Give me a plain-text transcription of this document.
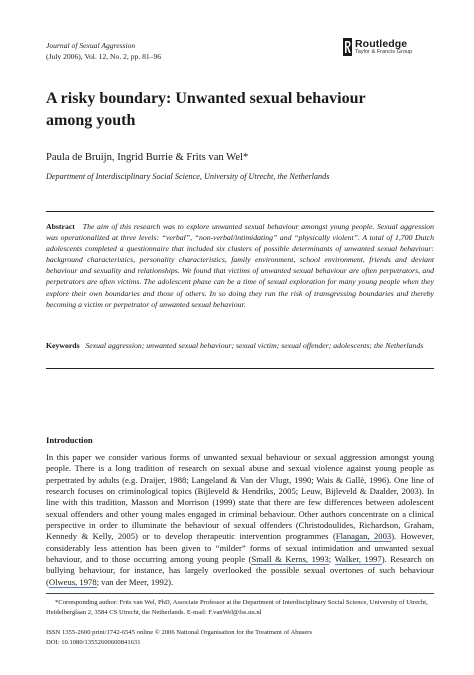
Journal of Sexual Aggression
(July 2006), Vol. 12, No. 2, pp. 81–96
Routledge
Taylor & Francis Group
A risky boundary: Unwanted sexual behaviour among youth
Paula de Bruijn, Ingrid Burrie & Frits van Wel*
Department of Interdisciplinary Social Science, University of Utrecht, the Netherlands
Abstract The aim of this research was to explore unwanted sexual behaviour amongst young people. Sexual aggression was operationalized at three levels: “verbal”, “non-verbal/intimidating” and “physically violent”. A total of 1,700 Dutch adolescents completed a questionnaire that included six clusters of possible determinants of unwanted sexual behaviour: background characteristics, personality characteristics, family environment, school environment, friends and deviant behaviour and sexuality and relationships. We found that victims of unwanted sexual behaviour are often perpetrators, and perpetrators are often victims. The adolescent phase can be a time of sexual exploration for many young people when they explore their own boundaries and those of others. In so doing they run the risk of transgressing boundaries and thereby becoming a victim or perpetrator of unwanted sexual behaviour.
Keywords Sexual aggression; unwanted sexual behaviour; sexual victim; sexual offender; adolescents; the Netherlands
Introduction
In this paper we consider various forms of unwanted sexual behaviour or sexual aggression amongst young people. There is a long tradition of research on sexual abuse and sexual violence against young people as perpetrated by adults (e.g. Draijer, 1988; Langeland & Van der Vlugt, 1990; Wais & Gallè, 1996). One line of research focuses on criminological topics (Bijleveld & Hendriks, 2005; Leuw, Bijleveld & Daalder, 2003). In line with this tradition, Masson and Morrison (1999) state that there are few differences between adolescent sexual offenders and other young males engaged in criminal behaviour. Other authors concentrate on a clinical perspective in order to illuminate the behaviour of sexual offenders (Christodoulides, Richardson, Graham, Kennedy & Kelly, 2005) or to develop therapeutic intervention programmes (Flanagan, 2003). However, considerably less attention has been given to “milder” forms of sexual intimidation and unwanted sexual behaviour, and to those occurring among young people (Small & Kerns, 1993; Walker, 1997). Research on bullying behaviour, for instance, has largely overlooked the possible sexual overtones of such behaviour (Olweus, 1978; van der Meer, 1992).
*Corresponding author: Frits van Wel, PhD, Associate Professor at the Department of Interdisciplinary Social Science, University of Utrecht, Heidelberglaan 2, 3584 CS Utrecht, the Netherlands. E-mail: F.vanWel@fss.uu.nl
ISSN 1355-2600 print/1742-6545 online © 2006 National Organisation for the Treatment of Abusers
DOI: 10.1080/13552600600841631
